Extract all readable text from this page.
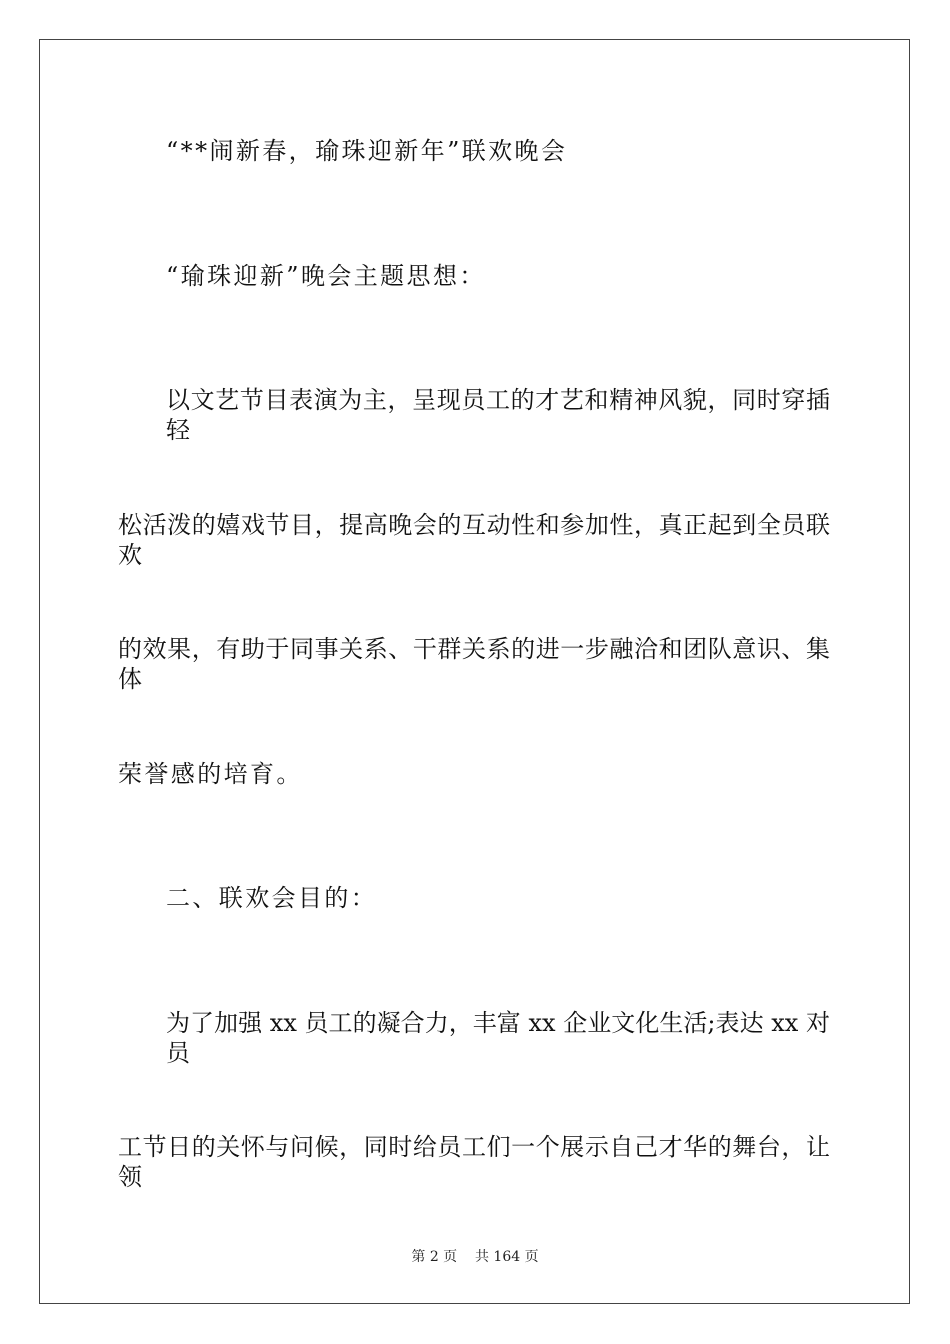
“**闹新春，瑜珠迎新年”联欢晚会
“瑜珠迎新”晚会主题思想：
以文艺节目表演为主，呈现员工的才艺和精神风貌，同时穿插轻
松活泼的嬉戏节目，提高晚会的互动性和参加性，真正起到全员联欢
的效果，有助于同事关系、干群关系的进一步融洽和团队意识、集体
荣誉感的培育。
二、联欢会目的：
为了加强 xx 员工的凝合力，丰富 xx 企业文化生活;表达 xx 对员
工节日的关怀与问候，同时给员工们一个展示自己才华的舞台，让领
第 2 页    共 164 页
